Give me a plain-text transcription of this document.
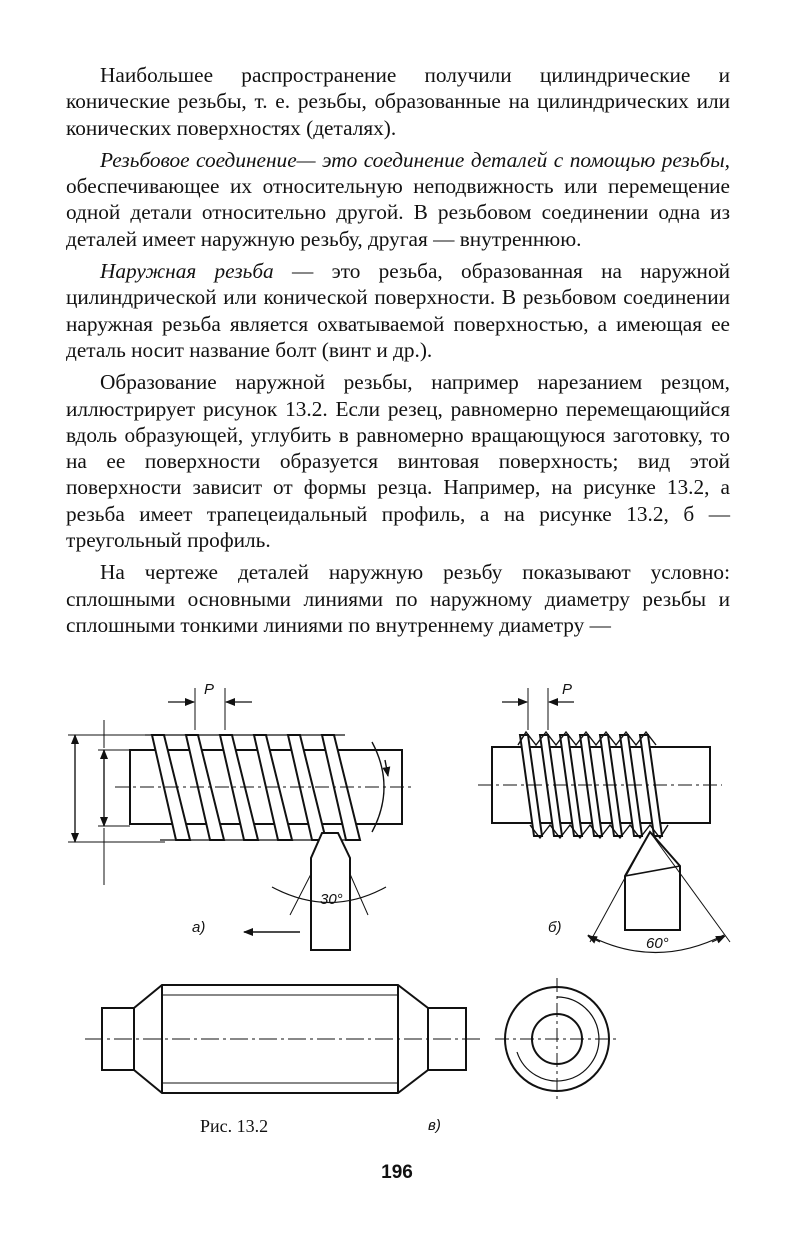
Наибольшее распространение получили цилиндрические и конические резьбы, т. е. резьбы, образованные на цилиндрических или конических поверхностях (деталях).

Резьбовое соединение— это соединение деталей с помощью резьбы, обеспечивающее их относительную неподвижность или перемещение одной детали относительно другой. В резьбовом соединении одна из деталей имеет наружную резьбу, другая — внутреннюю.

Наружная резьба — это резьба, образованная на наружной цилиндрической или конической поверхности. В резьбовом соединении наружная резьба является охватываемой поверхностью, а имеющая ее деталь носит название болт (винт и др.).

Образование наружной резьбы, например нарезанием резцом, иллюстрирует рисунок 13.2. Если резец, равномерно перемещающийся вдоль образующей, углубить в равномерно вращающуюся заготовку, то на ее поверхности образуется винтовая поверхность; вид этой поверхности зависит от формы резца. Например, на рисунке 13.2, а резьба имеет трапецеидальный профиль, а на рисунке 13.2, б — треугольный профиль.

На чертеже деталей наружную резьбу показывают условно: сплошными основными линиями по наружному диаметру резьбы и сплошными тонкими линиями по внутреннему диаметру —

P	P
30°
60°
а)	б)
Рис. 13.2	в)
196
